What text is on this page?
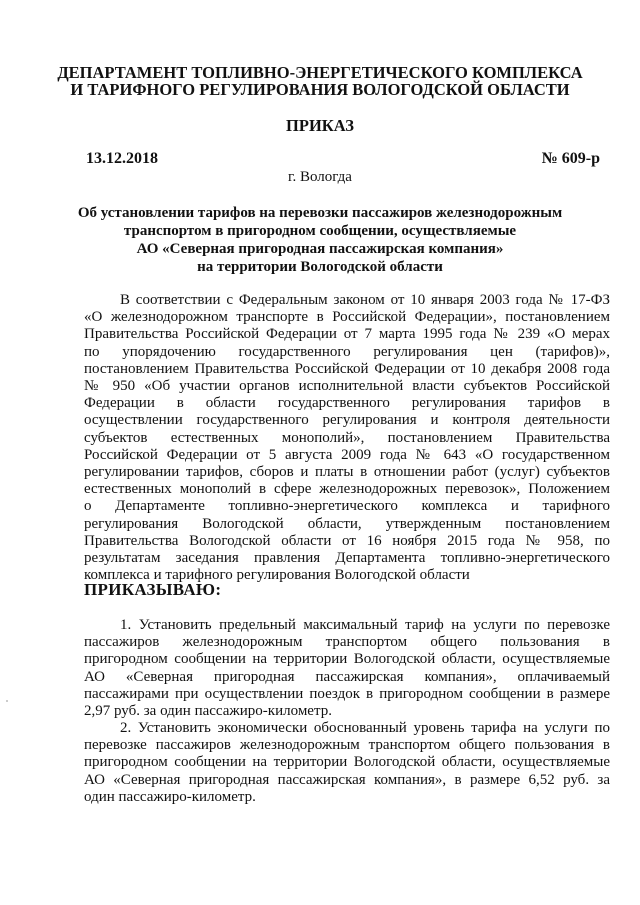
ДЕПАРТАМЕНТ ТОПЛИВНО-ЭНЕРГЕТИЧЕСКОГО КОМПЛЕКСА
И ТАРИФНОГО РЕГУЛИРОВАНИЯ ВОЛОГОДСКОЙ ОБЛАСТИ
ПРИКАЗ
13.12.2018	№ 609-р
г. Вологда
Об установлении тарифов на перевозки пассажиров железнодорожным
транспортом в пригородном сообщении, осуществляемые
АО «Северная пригородная пассажирская компания»
на территории Вологодской области
В соответствии с Федеральным законом от 10 января 2003 года № 17-ФЗ
«О железнодорожном транспорте в Российской Федерации», постановлением
Правительства Российской Федерации от 7 марта 1995 года № 239 «О мерах
по упорядочению государственного регулирования цен (тарифов)»,
постановлением Правительства Российской Федерации от 10 декабря 2008 года
№ 950 «Об участии органов исполнительной власти субъектов Российской
Федерации в области государственного регулирования тарифов в
осуществлении государственного регулирования и контроля деятельности
субъектов естественных монополий», постановлением Правительства
Российской Федерации от 5 августа 2009 года № 643 «О государственном
регулировании тарифов, сборов и платы в отношении работ (услуг) субъектов
естественных монополий в сфере железнодорожных перевозок», Положением
о Департаменте топливно-энергетического комплекса и тарифного
регулирования Вологодской области, утвержденным постановлением
Правительства Вологодской области от 16 ноября 2015 года № 958, по
результатам заседания правления Департамента топливно-энергетического
комплекса и тарифного регулирования Вологодской области
ПРИКАЗЫВАЮ:
1. Установить предельный максимальный тариф на услуги по перевозке
пассажиров железнодорожным транспортом общего пользования в
пригородном сообщении на территории Вологодской области, осуществляемые
АО «Северная пригородная пассажирская компания», оплачиваемый
пассажирами при осуществлении поездок в пригородном сообщении в размере
2,97 руб. за один пассажиро-километр.
2. Установить экономически обоснованный уровень тарифа на услуги по
перевозке пассажиров железнодорожным транспортом общего пользования в
пригородном сообщении на территории Вологодской области, осуществляемые
АО «Северная пригородная пассажирская компания», в размере 6,52 руб. за
один пассажиро-километр.
